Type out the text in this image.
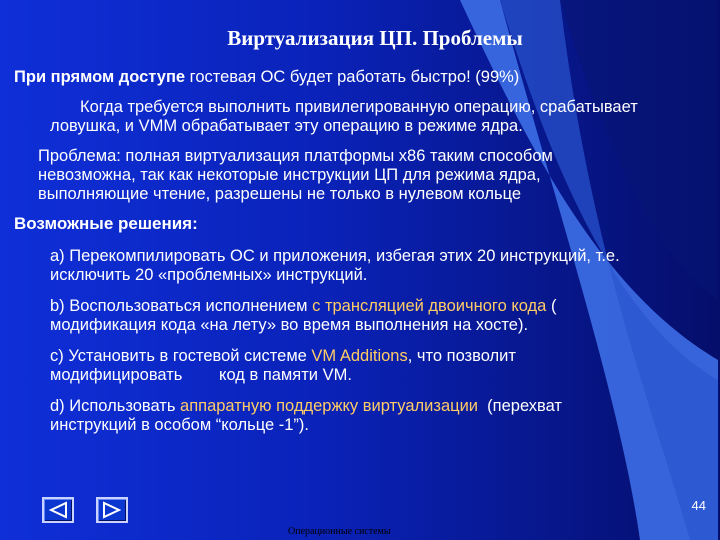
Виртуализация ЦП. Проблемы
При прямом доступе гостевая ОС будет работать быстро! (99%)
Когда требуется выполнить привилегированную операцию, срабатывает
ловушка, и VMM обрабатывает эту операцию в режиме ядра.
Проблема: полная виртуализация платформы x86 таким способом
невозможна, так как некоторые инструкции ЦП для режима ядра,
выполняющие чтение, разрешены не только в нулевом кольце
Возможные решения:
a) Перекомпилировать ОС и приложения, избегая этих 20 инструкций, т.е.
исключить 20 «проблемных» инструкций.
b) Воспользоваться исполнением с трансляцией двоичного кода (
модификация кода «на лету» во время выполнения на хосте).
c) Установить в гостевой системе VM Additions, что позволит
модифицировать        код в памяти VM.
d) Использовать аппаратную поддержку виртуализации  (перехват
инструкций в особом “кольце -1”).
44
Операционные системы
